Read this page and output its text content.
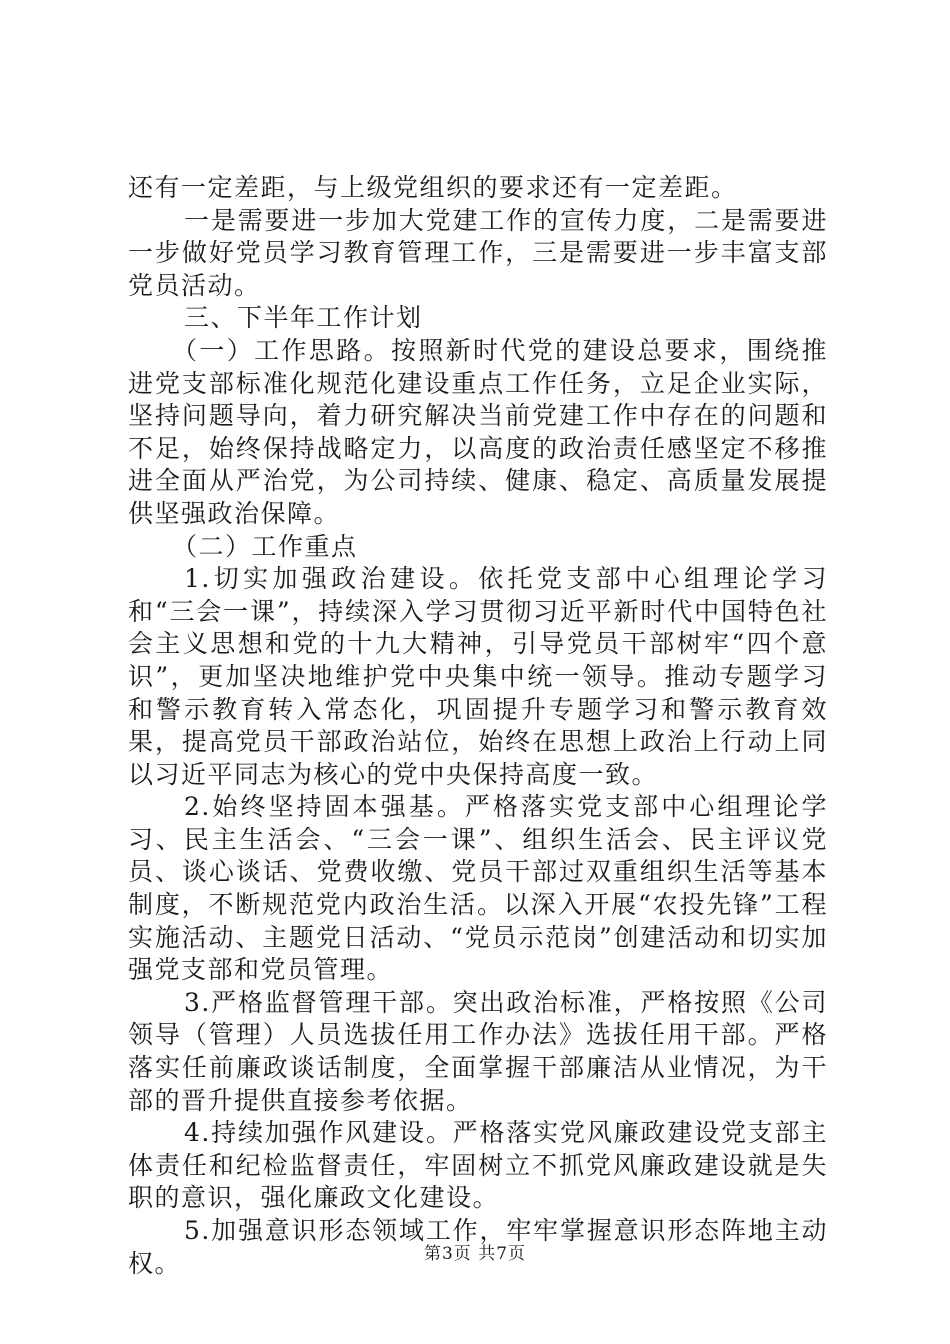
还有一定差距，与上级党组织的要求还有一定差距。

一是需要进一步加大党建工作的宣传力度，二是需要进一步做好党员学习教育管理工作，三是需要进一步丰富支部党员活动。

三、下半年工作计划

（一）工作思路。按照新时代党的建设总要求，围绕推进党支部标准化规范化建设重点工作任务，立足企业实际，坚持问题导向，着力研究解决当前党建工作中存在的问题和不足，始终保持战略定力，以高度的政治责任感坚定不移推进全面从严治党，为公司持续、健康、稳定、高质量发展提供坚强政治保障。

（二）工作重点

1.切实加强政治建设。依托党支部中心组理论学习和“三会一课”，持续深入学习贯彻习近平新时代中国特色社会主义思想和党的十九大精神，引导党员干部树牢“四个意识”，更加坚决地维护党中央集中统一领导。推动专题学习和警示教育转入常态化，巩固提升专题学习和警示教育效果，提高党员干部政治站位，始终在思想上政治上行动上同以习近平同志为核心的党中央保持高度一致。

2.始终坚持固本强基。严格落实党支部中心组理论学习、民主生活会、“三会一课”、组织生活会、民主评议党员、谈心谈话、党费收缴、党员干部过双重组织生活等基本制度，不断规范党内政治生活。以深入开展“农投先锋”工程实施活动、主题党日活动、“党员示范岗”创建活动和切实加强党支部和党员管理。

3.严格监督管理干部。突出政治标准，严格按照《公司领导（管理）人员选拔任用工作办法》选拔任用干部。严格落实任前廉政谈话制度，全面掌握干部廉洁从业情况，为干部的晋升提供直接参考依据。

4.持续加强作风建设。严格落实党风廉政建设党支部主体责任和纪检监督责任，牢固树立不抓党风廉政建设就是失职的意识，强化廉政文化建设。

5.加强意识形态领域工作，牢牢掌握意识形态阵地主动权。	第3页 共7页
